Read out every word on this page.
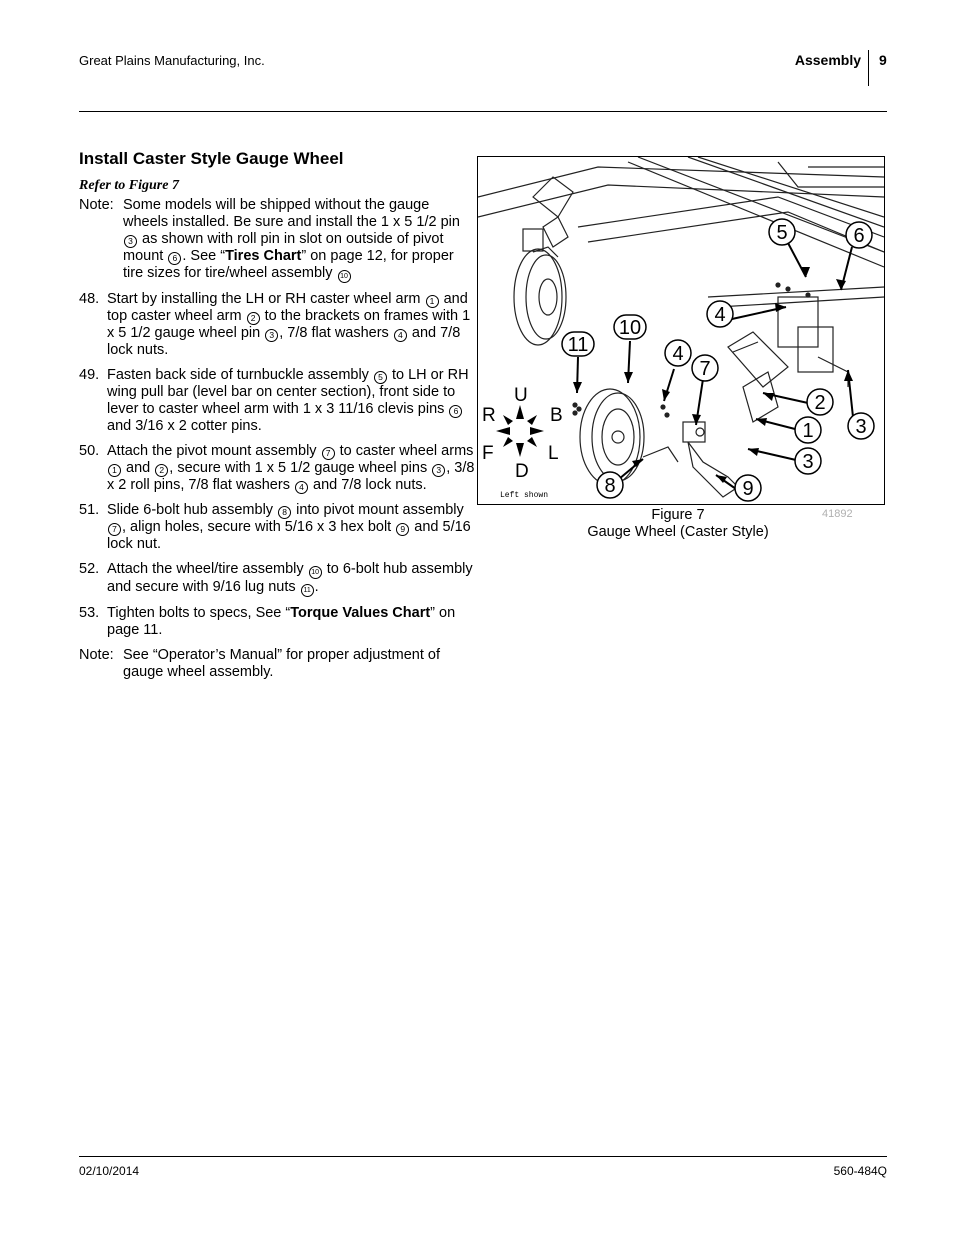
Great Plains Manufacturing, Inc.	Assembly 9
Install Caster Style Gauge Wheel
Refer to Figure 7
Note: Some models will be shipped without the gauge wheels installed. Be sure and install the 1 x 5 1/2 pin 3 as shown with roll pin in slot on outside of pivot mount 6 . See “Tires Chart” on page 12, for proper tire sizes for tire/wheel assembly 10
48. Start by installing the LH or RH caster wheel arm 1 and top caster wheel arm 2 to the brackets on frames with 1 x 5 1/2 gauge wheel pin 3 , 7/8 flat washers 4 and 7/8 lock nuts.
49. Fasten back side of turnbuckle assembly 5 to LH or RH wing pull bar (level bar on center section), front side to lever to caster wheel arm with 1 x 3 11/16 clevis pins 6 and 3/16 x 2 cotter pins.
50. Attach the pivot mount assembly 7 to caster wheel arms 1 and 2 , secure with 1 x 5 1/2 gauge wheel pins 3 , 3/8 x 2 roll pins, 7/8 flat washers 4 and 7/8 lock nuts.
51. Slide 6-bolt hub assembly 8 into pivot mount assembly 7 , align holes, secure with 5/16 x 3 hex bolt 9 and 5/16 lock nut.
52. Attach the wheel/tire assembly 10 to 6-bolt hub assembly and secure with 9/16 lug nuts 11 .
53. Tighten bolts to specs, See “Torque Values Chart” on page 11.
Note: See “Operator’s Manual” for proper adjustment of gauge wheel assembly.
U
D
R	B
F	L
Left shown
5	6
4
10
11	4
7
2
1 3
3
8	9
Figure 7
Gauge Wheel (Caster Style)
41892
02/10/2014	560-484Q
